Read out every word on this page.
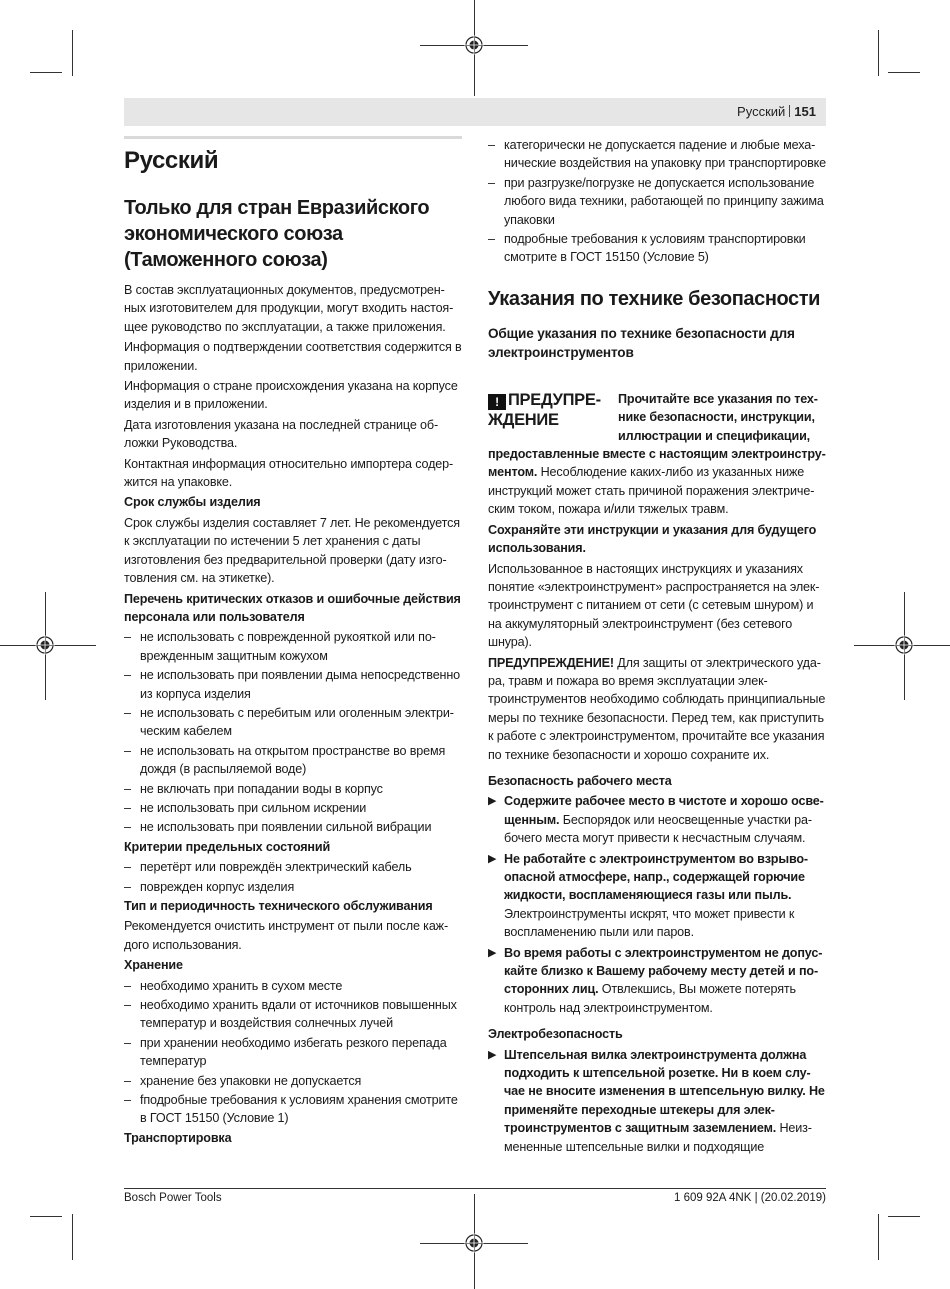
Русский 151
Русский
Только для стран Евразийского экономического союза (Таможенного союза)

В состав эксплуатационных документов, предусмотренных изготовителем для продукции, могут входить настоящее руководство по эксплуатации, а также приложения.

Информация о подтверждении соответствия содержится в приложении.

Информация о стране происхождения указана на корпусе изделия и в приложении.

Дата изготовления указана на последней странице обложки Руководства.

Контактная информация относительно импортера содержится на упаковке.

Срок службы изделия

Срок службы изделия составляет 7 лет. Не рекомендуется к эксплуатации по истечении 5 лет хранения с даты изготовления без предварительной проверки (дату изготовления см. на этикетке).

Перечень критических отказов и ошибочные действия персонала или пользователя

– не использовать с поврежденной рукояткой или поврежденным защитным кожухом
– не использовать при появлении дыма непосредственно из корпуса изделия
– не использовать с перебитым или оголенным электрическим кабелем
– не использовать на открытом пространстве во время дождя (в распыляемой воде)
– не включать при попадании воды в корпус
– не использовать при сильном искрении
– не использовать при появлении сильной вибрации

Критерии предельных состояний

– перетёрт или повреждён электрический кабель
– поврежден корпус изделия

Тип и периодичность технического обслуживания

Рекомендуется очистить инструмент от пыли после каждого использования.

Хранение

– необходимо хранить в сухом месте
– необходимо хранить вдали от источников повышенных температур и воздействия солнечных лучей
– при хранении необходимо избегать резкого перепада температур
– хранение без упаковки не допускается
– fподробные требования к условиям хранения смотрите в ГОСТ 15150 (Условие 1)

Транспортировка

– категорически не допускается падение и любые механические воздействия на упаковку при транспортировке
– при разгрузке/погрузке не допускается использование любого вида техники, работающей по принципу зажима упаковки
– подробные требования к условиям транспортировки смотрите в ГОСТ 15150 (Условие 5)
Указания по технике безопасности

Общие указания по технике безопасности для электроинструментов

! ПРЕДУПРЕЖДЕНИЕ

Прочитайте все указания по технике безопасности, инструкции, иллюстрации и спецификации, предоставленные вместе с настоящим электроинструментом. Несоблюдение каких-либо из указанных ниже инструкций может стать причиной поражения электрическим током, пожара и/или тяжелых травм.

Сохраняйте эти инструкции и указания для будущего использования.

Использованное в настоящих инструкциях и указаниях понятие «электроинструмент» распространяется на электроинструмент с питанием от сети (с сетевым шнуром) и на аккумуляторный электроинструмент (без сетевого шнура).

ПРЕДУПРЕЖДЕНИЕ! Для защиты от электрического удара, травм и пожара во время эксплуатации электроинструментов необходимо соблюдать принципиальные меры по технике безопасности. Перед тем, как приступить к работе с электроинструментом, прочитайте все указания по технике безопасности и хорошо сохраните их.

Безопасность рабочего места

▶ Содержите рабочее место в чистоте и хорошо освещенным. Беспорядок или неосвещенные участки рабочего места могут привести к несчастным случаям.
▶ Не работайте с электроинструментом во взрывоопасной атмосфере, напр., содержащей горючие жидкости, воспламеняющиеся газы или пыль. Электроинструменты искрят, что может привести к воспламенению пыли или паров.
▶ Во время работы с электроинструментом не допускайте близко к Вашему рабочему месту детей и посторонних лиц. Отвлекшись, Вы можете потерять контроль над электроинструментом.

Электробезопасность

▶ Штепсельная вилка электроинструмента должна подходить к штепсельной розетке. Ни в коем случае не вносите изменения в штепсельную вилку. Не применяйте переходные штекеры для электроинструментов с защитным заземлением. Неизмененные штепсельные вилки и подходящие
Bosch Power Tools	1 609 92A 4NK | (20.02.2019)
